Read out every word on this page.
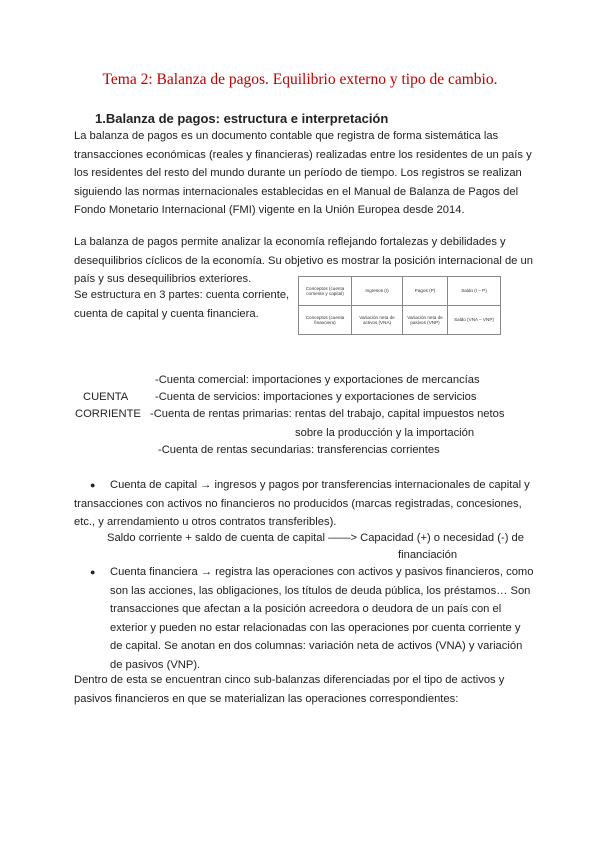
Tema 2: Balanza de pagos. Equilibrio externo y tipo de cambio.
1.Balanza de pagos: estructura e interpretación
La balanza de pagos es un documento contable que registra de forma sistemática las
transacciones económicas (reales y financieras) realizadas entre los residentes de un país y
los residentes del resto del mundo durante un período de tiempo. Los registros se realizan
siguiendo las normas internacionales establecidas en el Manual de Balanza de Pagos del
Fondo Monetario Internacional (FMI) vigente en la Unión Europea desde 2014.
La balanza de pagos permite analizar la economía reflejando fortalezas y debilidades y
desequilibrios cíclicos de la economía. Su objetivo es mostrar la posición internacional de un
país y sus desequilibrios exteriores.
Se estructura en 3 partes: cuenta corriente,
cuenta de capital y cuenta financiera.
Conceptos (cuenta corriente y capital)	Ingresos (I)	Pagos (P)	Saldo (I – P)
Conceptos (cuenta financiera)	Variación neta de activos (VNA)	Variación neta de pasivos (VNP)	Saldo (VNA – VNP)
CUENTA
CORRIENTE
-Cuenta comercial: importaciones y exportaciones de mercancías
-Cuenta de servicios: importaciones y exportaciones de servicios
-Cuenta de rentas primarias: rentas del trabajo, capital impuestos netos
sobre la producción y la importación
-Cuenta de rentas secundarias: transferencias corrientes
● Cuenta de capital → ingresos y pagos por transferencias internacionales de capital y
transacciones con activos no financieros no producidos (marcas registradas, concesiones,
etc., y arrendamiento u otros contratos transferibles).
Saldo corriente + saldo de cuenta de capital ——> Capacidad (+) o necesidad (-) de
financiación
● Cuenta financiera → registra las operaciones con activos y pasivos financieros, como
son las acciones, las obligaciones, los títulos de deuda pública, los préstamos… Son
transacciones que afectan a la posición acreedora o deudora de un país con el
exterior y pueden no estar relacionadas con las operaciones por cuenta corriente y
de capital. Se anotan en dos columnas: variación neta de activos (VNA) y variación
de pasivos (VNP).
Dentro de esta se encuentran cinco sub-balanzas diferenciadas por el tipo de activos y
pasivos financieros en que se materializan las operaciones correspondientes:
